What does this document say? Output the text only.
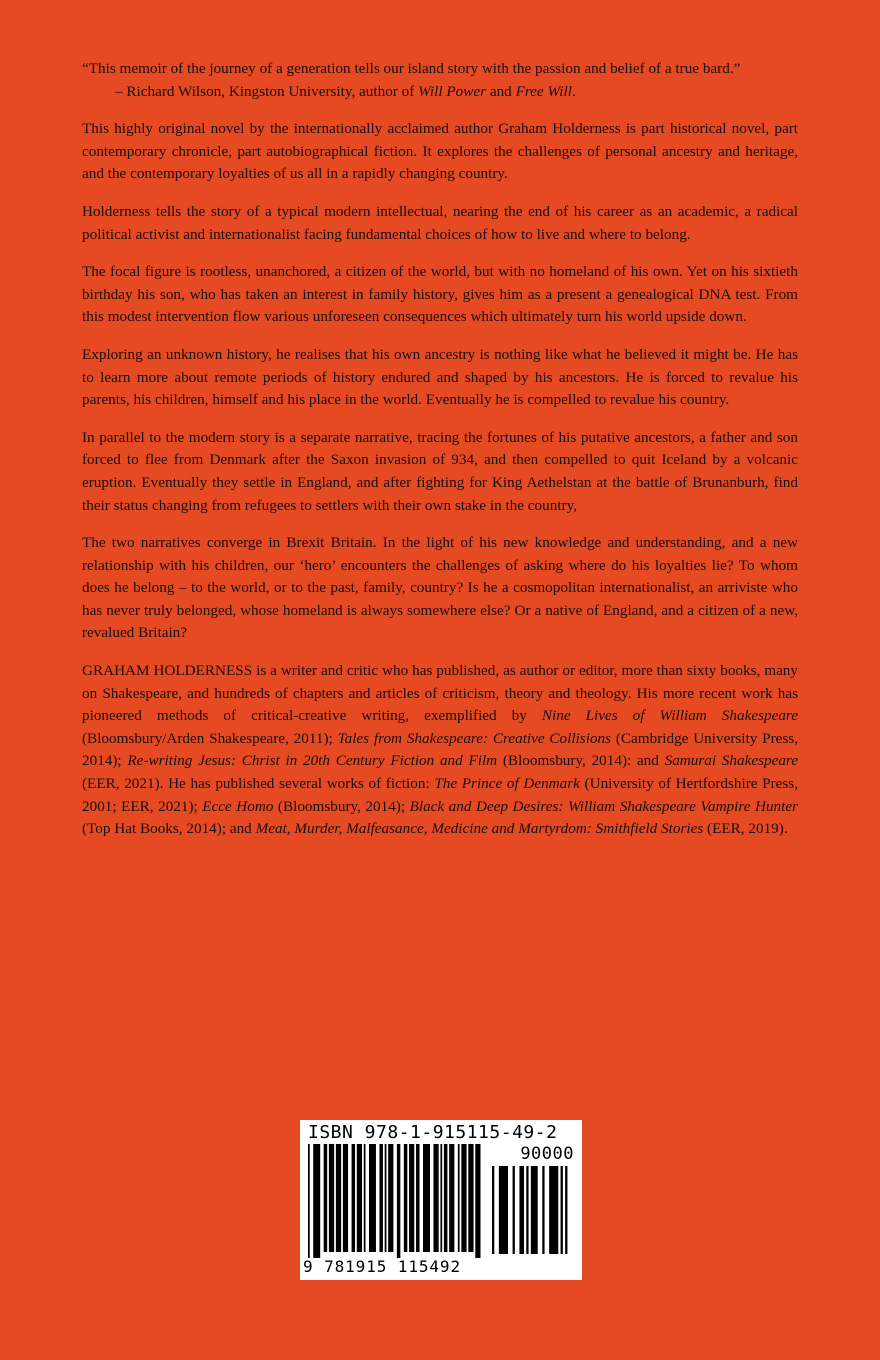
“This memoir of the journey of a generation tells our island story with the passion and belief of a true bard.”
– Richard Wilson, Kingston University, author of Will Power and Free Will.

This highly original novel by the internationally acclaimed author Graham Holderness is part historical novel, part contemporary chronicle, part autobiographical fiction. It explores the challenges of personal ancestry and heritage, and the contemporary loyalties of us all in a rapidly changing country.

Holderness tells the story of a typical modern intellectual, nearing the end of his career as an academic, a radical political activist and internationalist facing fundamental choices of how to live and where to belong.

The focal figure is rootless, unanchored, a citizen of the world, but with no homeland of his own. Yet on his sixtieth birthday his son, who has taken an interest in family history, gives him as a present a genealogical DNA test. From this modest intervention flow various unforeseen consequences which ultimately turn his world upside down.

Exploring an unknown history, he realises that his own ancestry is nothing like what he believed it might be. He has to learn more about remote periods of history endured and shaped by his ancestors. He is forced to revalue his parents, his children, himself and his place in the world. Eventually he is compelled to revalue his country.

In parallel to the modern story is a separate narrative, tracing the fortunes of his putative ancestors, a father and son forced to flee from Denmark after the Saxon invasion of 934, and then compelled to quit Iceland by a volcanic eruption. Eventually they settle in England, and after fighting for King Aethelstan at the battle of Brunanburh, find their status changing from refugees to settlers with their own stake in the country,

The two narratives converge in Brexit Britain. In the light of his new knowledge and understanding, and a new relationship with his children, our ‘hero’ encounters the challenges of asking where do his loyalties lie? To whom does he belong – to the world, or to the past, family, country? Is he a cosmopolitan internationalist, an arriviste who has never truly belonged, whose homeland is always somewhere else? Or a native of England, and a citizen of a new, revalued Britain?

GRAHAM HOLDERNESS is a writer and critic who has published, as author or editor, more than sixty books, many on Shakespeare, and hundreds of chapters and articles of criticism, theory and theology. His more recent work has pioneered methods of critical-creative writing, exemplified by Nine Lives of William Shakespeare (Bloomsbury/Arden Shakespeare, 2011); Tales from Shakespeare: Creative Collisions (Cambridge University Press, 2014); Re-writing Jesus: Christ in 20th Century Fiction and Film (Bloomsbury, 2014): and Samurai Shakespeare (EER, 2021). He has published several works of fiction: The Prince of Denmark (University of Hertfordshire Press, 2001; EER, 2021); Ecce Homo (Bloomsbury, 2014); Black and Deep Desires: William Shakespeare Vampire Hunter (Top Hat Books, 2014); and Meat, Murder, Malfeasance, Medicine and Martyrdom: Smithfield Stories (EER, 2019).

ISBN 978-1-915115-49-2
90000
9 781915 115492
